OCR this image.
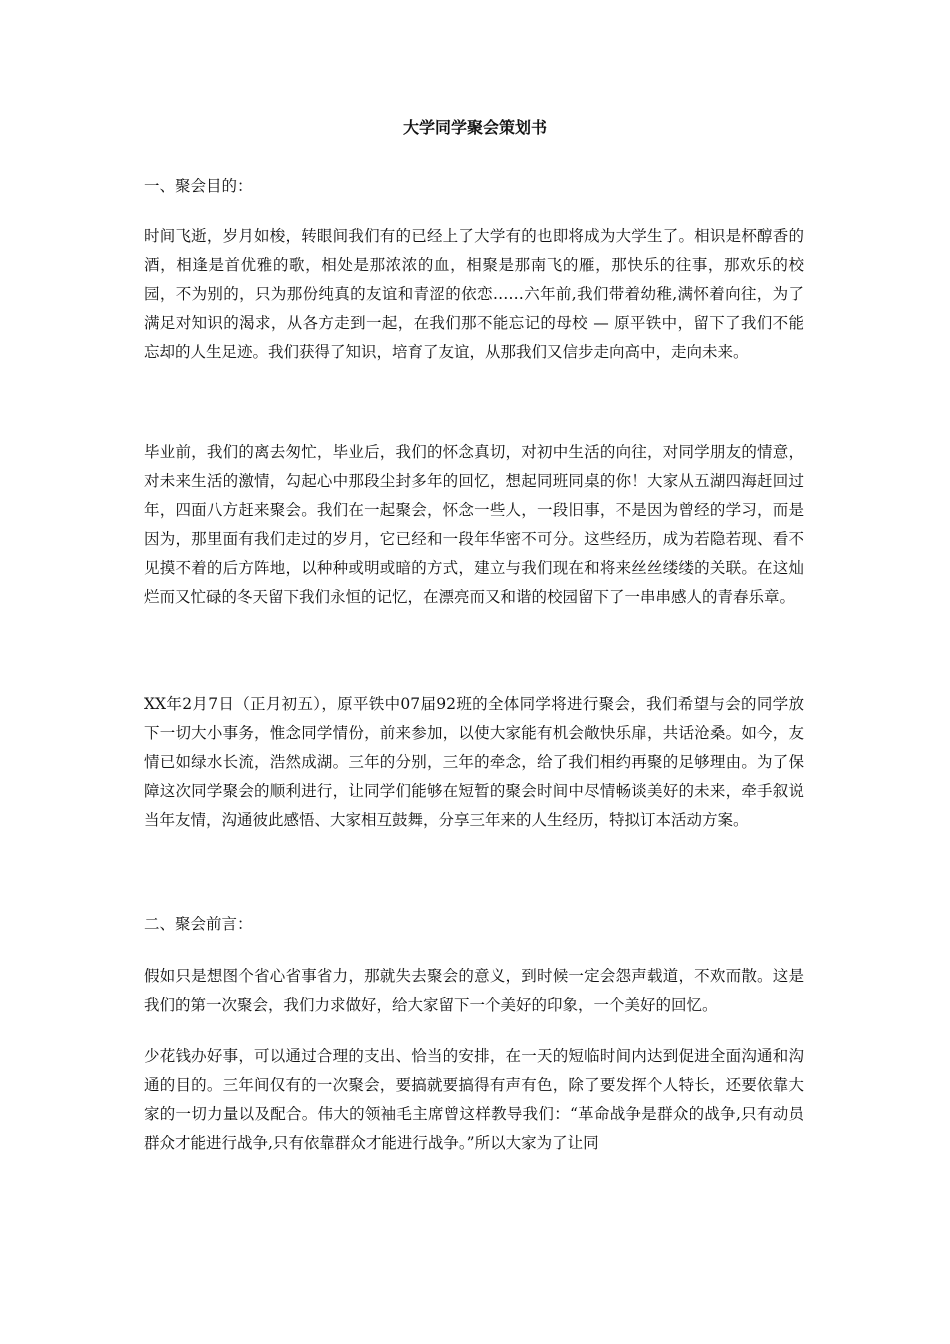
大学同学聚会策划书
一、聚会目的：
时间飞逝，岁月如梭，转眼间我们有的已经上了大学有的也即将成为大学生了。相识是杯醇香的酒，相逢是首优雅的歌，相处是那浓浓的血，相聚是那南飞的雁，那快乐的往事，那欢乐的校园，不为别的，只为那份纯真的友谊和青涩的依恋……六年前,我们带着幼稚,满怀着向往，为了满足对知识的渴求，从各方走到一起，在我们那不能忘记的母校 — 原平铁中，留下了我们不能忘却的人生足迹。我们获得了知识，培育了友谊，从那我们又信步走向高中，走向未来。
毕业前，我们的离去匆忙，毕业后，我们的怀念真切，对初中生活的向往，对同学朋友的情意，对未来生活的激情，勾起心中那段尘封多年的回忆，想起同班同桌的你！大家从五湖四海赶回过年，四面八方赶来聚会。我们在一起聚会，怀念一些人，一段旧事，不是因为曾经的学习，而是因为，那里面有我们走过的岁月，它已经和一段年华密不可分。这些经历，成为若隐若现、看不见摸不着的后方阵地，以种种或明或暗的方式，建立与我们现在和将来丝丝缕缕的关联。在这灿烂而又忙碌的冬天留下我们永恒的记忆，在漂亮而又和谐的校园留下了一串串感人的青春乐章。
XX年2月7日（正月初五），原平铁中07届92班的全体同学将进行聚会，我们希望与会的同学放下一切大小事务，惟念同学情份，前来参加，以使大家能有机会敞快乐扉，共话沧桑。如今，友情已如绿水长流，浩然成湖。三年的分别，三年的牵念，给了我们相约再聚的足够理由。为了保障这次同学聚会的顺利进行，让同学们能够在短暂的聚会时间中尽情畅谈美好的未来，牵手叙说当年友情，沟通彼此感悟、大家相互鼓舞，分享三年来的人生经历，特拟订本活动方案。
二、聚会前言：
假如只是想图个省心省事省力，那就失去聚会的意义，到时候一定会怨声载道，不欢而散。这是我们的第一次聚会，我们力求做好，给大家留下一个美好的印象，一个美好的回忆。
少花钱办好事，可以通过合理的支出、恰当的安排，在一天的短临时间内达到促进全面沟通和沟通的目的。三年间仅有的一次聚会，要搞就要搞得有声有色，除了要发挥个人特长，还要依靠大家的一切力量以及配合。伟大的领袖毛主席曾这样教导我们：“革命战争是群众的战争,只有动员群众才能进行战争,只有依靠群众才能进行战争。”所以大家为了让同
